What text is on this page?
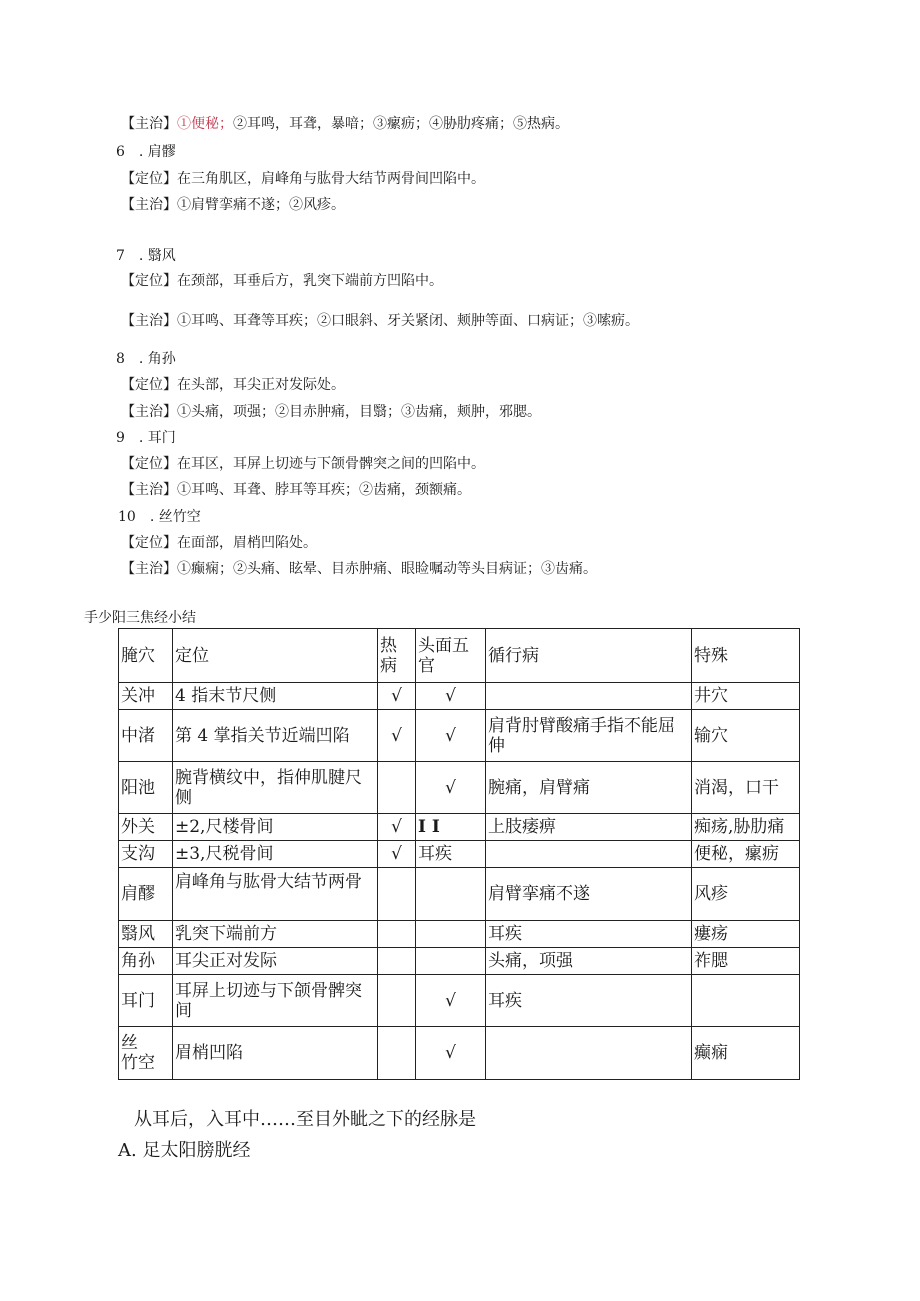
【主治】①便秘；②耳鸣，耳聋，暴喑；③瘰疬；④胁肋疼痛；⑤热病。
6　. 肩髎
【定位】在三角肌区，肩峰角与肱骨大结节两骨间凹陷中。
【主治】①肩臂挛痛不遂；②风疹。
7　. 翳风
【定位】在颈部，耳垂后方，乳突下端前方凹陷中。
【主治】①耳鸣、耳聋等耳疾；②口眼斜、牙关紧闭、颊肿等面、口病证；③嗦疬。
8　. 角孙
【定位】在头部，耳尖正对发际处。
【主治】①头痛，项强；②目赤肿痛，目翳；③齿痛，颊肿，邪腮。
9　. 耳门
【定位】在耳区，耳屏上切迹与下颌骨髀突之间的凹陷中。
【主治】①耳鸣、耳聋、脖耳等耳疾；②齿痛，颈额痛。
10　. 丝竹空
【定位】在面部，眉梢凹陷处。
【主治】①癫痫；②头痛、眩晕、目赤肿痛、眼睑嘱动等头目病证；③齿痛。
手少阳三焦经小结
腌穴	定位	热病	头面五官	循行病	特殊
关冲	4 指末节尺侧	√	√		井穴
中渚	第 4 掌指关节近端凹陷	√	√	肩背肘臂酸痛手指不能屈伸	输穴
阳池	腕背横纹中，指伸肌腱尺侧		√	腕痛，肩臂痛	消渴，口干
外关	±2,尺楼骨间	√	I I	上肢痿痹	痴疡,胁肋痛
支沟	±3,尺税骨间	√	耳疾		便秘，瘰疬
肩醪	肩峰角与肱骨大结节两骨			肩臂挛痛不遂	风疹
翳风	乳突下端前方			耳疾	瘻疡
角孙	耳尖正对发际			头痛，项强	祚腮
耳门	耳屏上切迹与下颌骨髀突间		√	耳疾	
丝　竹空	眉梢凹陷		√		癫痫
从耳后，入耳中……至目外眦之下的经脉是
A. 足太阳膀胱经
